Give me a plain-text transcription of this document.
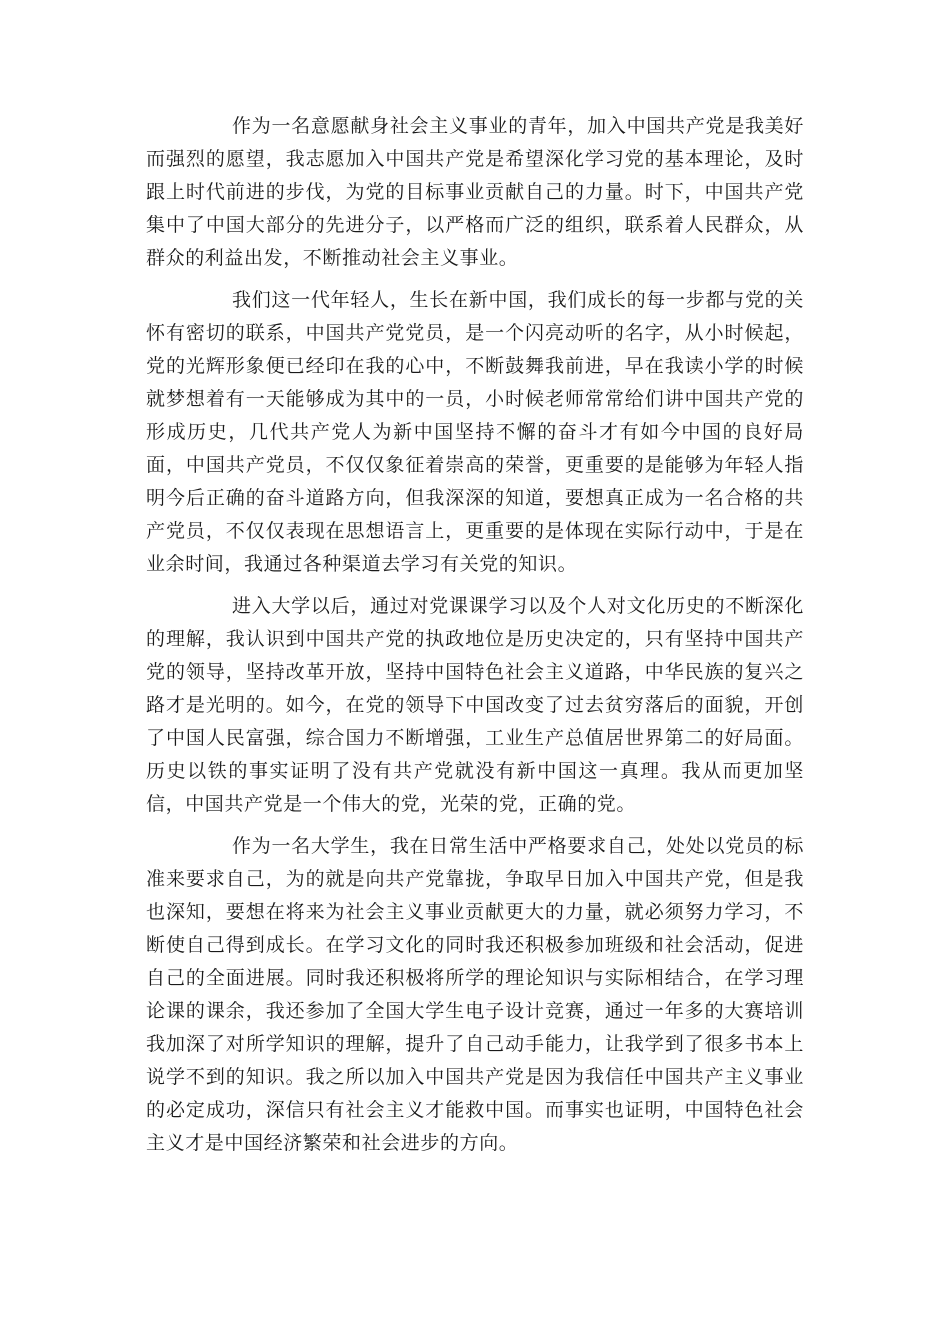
作为一名意愿献身社会主义事业的青年，加入中国共产党是我美好而强烈的愿望，我志愿加入中国共产党是希望深化学习党的基本理论，及时跟上时代前进的步伐，为党的目标事业贡献自己的力量。时下，中国共产党集中了中国大部分的先进分子，以严格而广泛的组织，联系着人民群众，从群众的利益出发，不断推动社会主义事业。

我们这一代年轻人，生长在新中国，我们成长的每一步都与党的关怀有密切的联系，中国共产党党员，是一个闪亮动听的名字，从小时候起，党的光辉形象便已经印在我的心中，不断鼓舞我前进，早在我读小学的时候就梦想着有一天能够成为其中的一员，小时候老师常常给们讲中国共产党的形成历史，几代共产党人为新中国坚持不懈的奋斗才有如今中国的良好局面，中国共产党员，不仅仅象征着崇高的荣誉，更重要的是能够为年轻人指明今后正确的奋斗道路方向，但我深深的知道，要想真正成为一名合格的共产党员，不仅仅表现在思想语言上，更重要的是体现在实际行动中，于是在业余时间，我通过各种渠道去学习有关党的知识。

进入大学以后，通过对党课课学习以及个人对文化历史的不断深化的理解，我认识到中国共产党的执政地位是历史决定的，只有坚持中国共产党的领导，坚持改革开放，坚持中国特色社会主义道路，中华民族的复兴之路才是光明的。如今，在党的领导下中国改变了过去贫穷落后的面貌，开创了中国人民富强，综合国力不断增强，工业生产总值居世界第二的好局面。历史以铁的事实证明了没有共产党就没有新中国这一真理。我从而更加坚信，中国共产党是一个伟大的党，光荣的党，正确的党。

作为一名大学生，我在日常生活中严格要求自己，处处以党员的标准来要求自己，为的就是向共产党靠拢，争取早日加入中国共产党，但是我也深知，要想在将来为社会主义事业贡献更大的力量，就必须努力学习，不断使自己得到成长。在学习文化的同时我还积极参加班级和社会活动，促进自己的全面进展。同时我还积极将所学的理论知识与实际相结合，在学习理论课的课余，我还参加了全国大学生电子设计竞赛，通过一年多的大赛培训我加深了对所学知识的理解，提升了自己动手能力，让我学到了很多书本上说学不到的知识。我之所以加入中国共产党是因为我信任中国共产主义事业的必定成功，深信只有社会主义才能救中国。而事实也证明，中国特色社会主义才是中国经济繁荣和社会进步的方向。
